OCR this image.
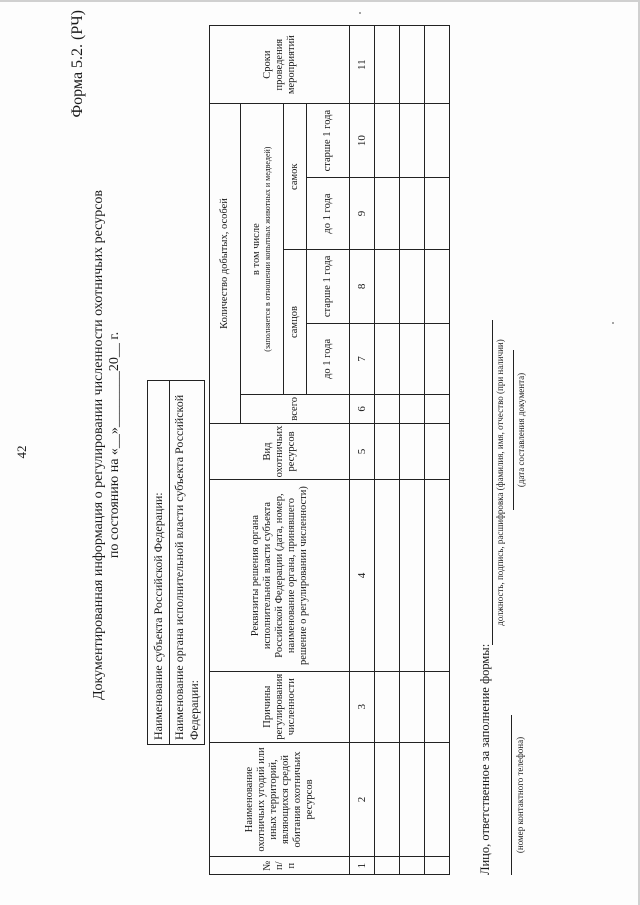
42
Форма 5.2. (РЧ)
Документированная информация о регулировании численности охотничьих ресурсов по состоянию на «__»________20__ г.
Наименование субъекта Российской Федерации:
Наименование органа исполнительной власти субъекта Российской Федерации:
№ п/п	Наименование охотничьих угодий или иных территорий, являющихся средой обитания охотничьих ресурсов	Причины регулирования численности	Реквизиты решения органа исполнительной власти субъекта Российской Федерации (дата, номер, наименование органа, принявшего решение о регулировании численности)	Вид охотничьих ресурсов	Количество добытых, особей					Сроки проведения мероприятий
					всего	в том числе (заполняется в отношении копытных животных и медведей)				

						самцов		самок		
						до 1 года	старше 1 года	до 1 года	старше 1 года	
1	2	3	4	5	6	7	8	9	10	11

Лицо, ответственное за заполнение формы:
должность, подпись, расшифровка (фамилия, имя, отчество (при наличии) (дата составления документа)
(номер контактного телефона)
